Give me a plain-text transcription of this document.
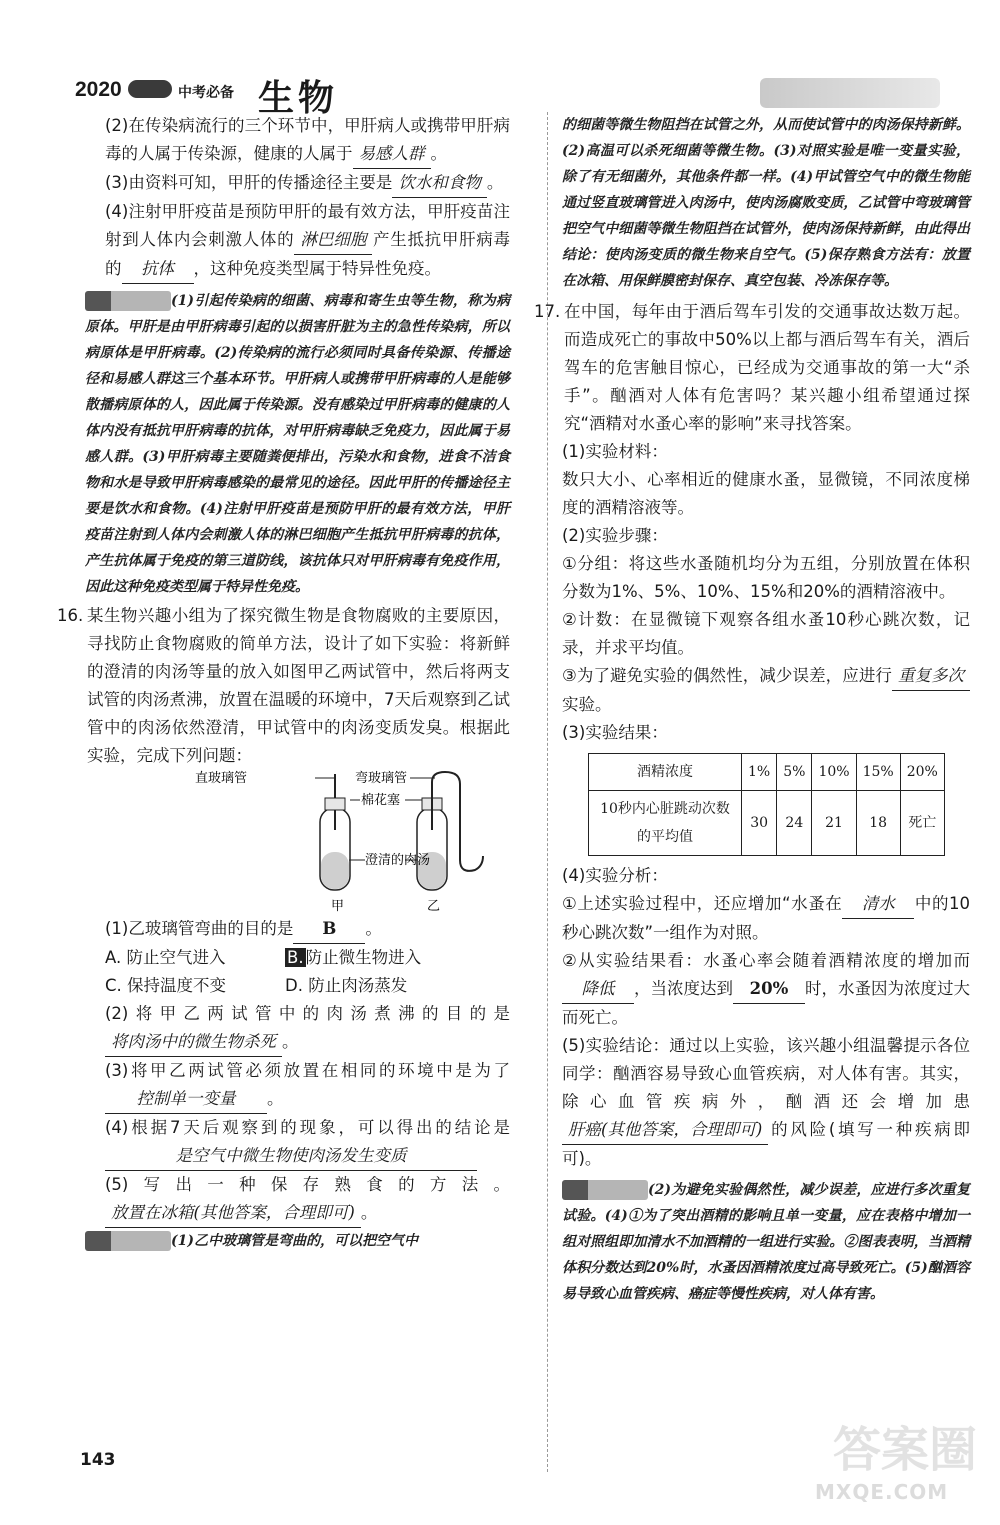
2020	中考必备 生物

(2)在传染病流行的三个环节中，甲肝病人或携带甲肝病毒的人属于传染源，健康的人属于 易感人群 。

(3)由资料可知，甲肝的传播途径主要是 饮水和食物 。

(4)注射甲肝疫苗是预防甲肝的最有效方法，甲肝疫苗注射到人体内会刺激人体的 淋巴细胞 产生抵抗甲肝病毒的 抗体 ，这种免疫类型属于特异性免疫。

(1)引起传染病的细菌、病毒和寄生虫等生物，称为病原体。甲肝是由甲肝病毒引起的以损害肝脏为主的急性传染病，所以病原体是甲肝病毒。(2)传染病的流行必须同时具备传染源、传播途径和易感人群这三个基本环节。甲肝病人或携带甲肝病毒的人是能够散播病原体的人，因此属于传染源。没有感染过甲肝病毒的健康的人体内没有抵抗甲肝病毒的抗体，对甲肝病毒缺乏免疫力，因此属于易感人群。(3)甲肝病毒主要随粪便排出，污染水和食物，进食不洁食物和水是导致甲肝病毒感染的最常见的途径。因此甲肝的传播途径主要是饮水和食物。(4)注射甲肝疫苗是预防甲肝的最有效方法，甲肝疫苗注射到人体内会刺激人体的淋巴细胞产生抵抗甲肝病毒的抗体，产生抗体属于免疫的第三道防线，该抗体只对甲肝病毒有免疫作用，因此这种免疫类型属于特异性免疫。

16. 某生物兴趣小组为了探究微生物是食物腐败的主要原因，寻找防止食物腐败的简单方法，设计了如下实验：将新鲜的澄清的肉汤等量的放入如图甲乙两试管中，然后将两支试管的肉汤煮沸，放置在温暖的环境中，7天后观察到乙试管中的肉汤依然澄清，甲试管中的肉汤变质发臭。根据此实验，完成下列问题：

直玻璃管	弯玻璃管
棉花塞
澄清的肉汤
甲	乙

(1)乙玻璃管弯曲的目的是 B 。

A. 防止空气进入	B. 防止微生物进入
C. 保持温度不变	D. 防止肉汤蒸发

(2)将甲乙两试管中的肉汤煮沸的目的是将肉汤中的微生物杀死 。

(3)将甲乙两试管必须放置在相同的环境中是为了控制单一变量 。

(4)根据7天后观察到的现象，可以得出的结论是是空气中微生物使肉汤发生变质

(5)写出一种保存熟食的方法。放置在冰箱(其他答案，合理即可) 。

(1)乙中玻璃管是弯曲的，可以把空气中

的细菌等微生物阻挡在试管之外，从而使试管中的肉汤保持新鲜。(2)高温可以杀死细菌等微生物。(3)对照实验是唯一变量实验，除了有无细菌外，其他条件都一样。(4)甲试管空气中的微生物能通过竖直玻璃管进入肉汤中，使肉汤腐败变质，乙试管中弯玻璃管把空气中细菌等微生物阻挡在试管外，使肉汤保持新鲜，由此得出结论：使肉汤变质的微生物来自空气。(5)保存熟食方法有：放置在冰箱、用保鲜膜密封保存、真空包装、冷冻保存等。

17. 在中国，每年由于酒后驾车引发的交通事故达数万起。而造成死亡的事故中50%以上都与酒后驾车有关，酒后驾车的危害触目惊心，已经成为交通事故的第一大“杀手”。酗酒对人体有危害吗？某兴趣小组希望通过探究“酒精对水蚤心率的影响”来寻找答案。

(1)实验材料：

数只大小、心率相近的健康水蚤，显微镜，不同浓度梯度的酒精溶液等。

(2)实验步骤：

①分组：将这些水蚤随机均分为五组，分别放置在体积分数为1%、5%、10%、15%和20%的酒精溶液中。

②计数：在显微镜下观察各组水蚤10秒心跳次数，记录，并求平均值。

③为了避免实验的偶然性，减少误差，应进行 重复多次实验。

(3)实验结果：

酒精浓度	1%	5%	10%	15%	20%
10秒内心脏跳动次数的平均值	30	24	21	18	死亡

(4)实验分析：

①上述实验过程中，还应增加“水蚤在 清水 中的10秒心跳次数”一组作为对照。

②从实验结果看：水蚤心率会随着酒精浓度的增加而降低 ，当浓度达到 20% 时，水蚤因为浓度过大而死亡。

(5)实验结论：通过以上实验，该兴趣小组温馨提示各位同学：酗酒容易导致心血管疾病，对人体有害。其实，除心血管疾病外，酗酒还会增加患肝癌(其他答案，合理即可) 的风险(填写一种疾病即可)。

(2)为避免实验偶然性，减少误差，应进行多次重复试验。(4)①为了突出酒精的影响且单一变量，应在表格中增加一组对照组即加清水不加酒精的一组进行实验。②图表表明，当酒精体积分数达到20%时，水蚤因酒精浓度过高导致死亡。(5)酗酒容易导致心血管疾病、癌症等慢性疾病，对人体有害。

143	答案圈
MXQE.COM
